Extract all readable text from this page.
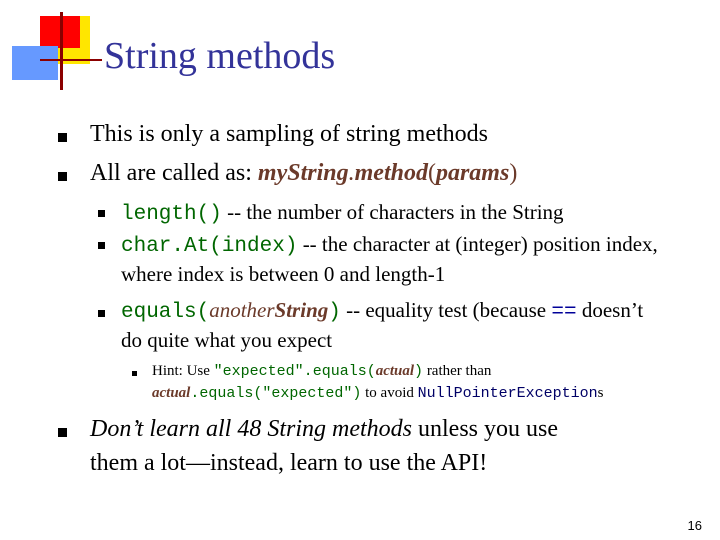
String methods
This is only a sampling of string methods
All are called as: myString.method(params)
length() -- the number of characters in the String
char.At(index) -- the character at (integer) position index,
where index is between 0 and length-1
equals(anotherString) -- equality test (because == doesn’t
do quite what you expect
Hint: Use "expected".equals(actual) rather than
actual.equals("expected") to avoid NullPointerExceptions
Don’t learn all 48 String methods unless you use
them a lot—instead, learn to use the API!
16
